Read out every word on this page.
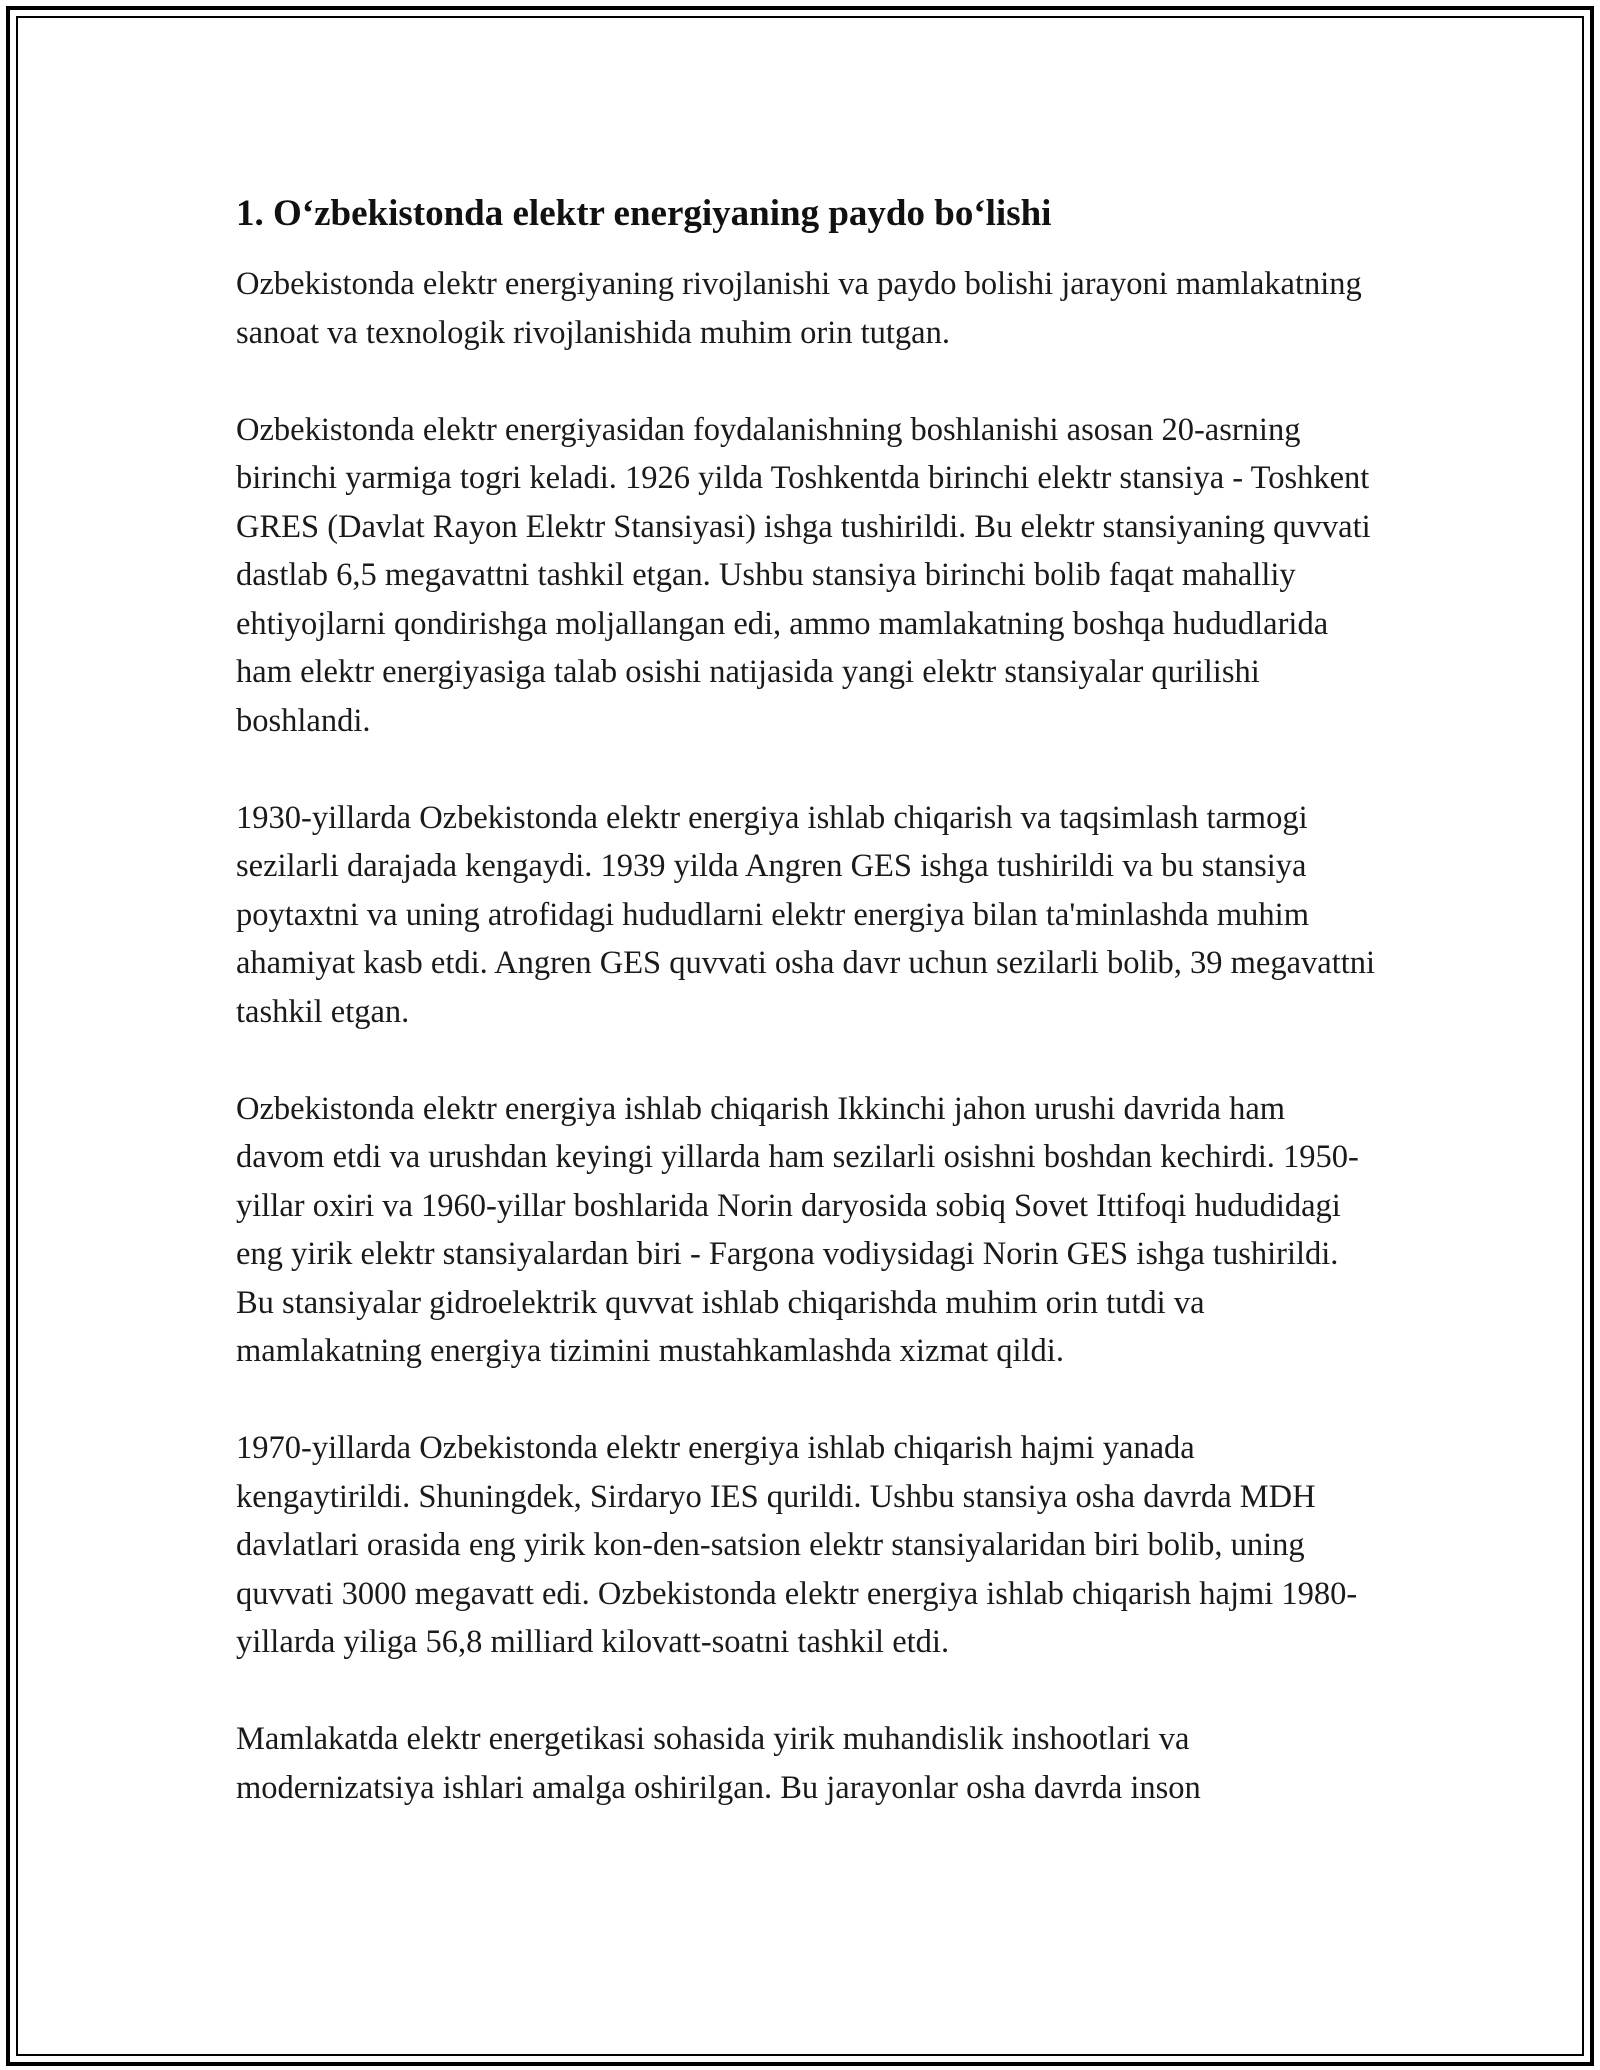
1. O‘zbekistonda elektr energiyaning paydo bo‘lishi

Ozbekistonda elektr energiyaning rivojlanishi va paydo bolishi jarayoni mamlakatning sanoat va texnologik rivojlanishida muhim orin tutgan.

Ozbekistonda elektr energiyasidan foydalanishning boshlanishi asosan 20-asrning birinchi yarmiga togri keladi. 1926 yilda Toshkentda birinchi elektr stansiya - Toshkent GRES (Davlat Rayon Elektr Stansiyasi) ishga tushirildi. Bu elektr stansiyaning quvvati dastlab 6,5 megavattni tashkil etgan. Ushbu stansiya birinchi bolib faqat mahalliy ehtiyojlarni qondirishga moljallangan edi, ammo mamlakatning boshqa hududlarida ham elektr energiyasiga talab osishi natijasida yangi elektr stansiyalar qurilishi boshlandi.

1930-yillarda Ozbekistonda elektr energiya ishlab chiqarish va taqsimlash tarmogi sezilarli darajada kengaydi. 1939 yilda Angren GES ishga tushirildi va bu stansiya poytaxtni va uning atrofidagi hududlarni elektr energiya bilan ta'minlashda muhim ahamiyat kasb etdi. Angren GES quvvati osha davr uchun sezilarli bolib, 39 megavattni tashkil etgan.

Ozbekistonda elektr energiya ishlab chiqarish Ikkinchi jahon urushi davrida ham davom etdi va urushdan keyingi yillarda ham sezilarli osishni boshdan kechirdi. 1950-yillar oxiri va 1960-yillar boshlarida Norin daryosida sobiq Sovet Ittifoqi hududidagi eng yirik elektr stansiyalardan biri - Fargona vodiysidagi Norin GES ishga tushirildi. Bu stansiyalar gidroelektrik quvvat ishlab chiqarishda muhim orin tutdi va mamlakatning energiya tizimini mustahkamlashda xizmat qildi.

1970-yillarda Ozbekistonda elektr energiya ishlab chiqarish hajmi yanada kengaytirildi. Shuningdek, Sirdaryo IES qurildi. Ushbu stansiya osha davrda MDH davlatlari orasida eng yirik kon-den-satsion elektr stansiyalaridan biri bolib, uning quvvati 3000 megavatt edi. Ozbekistonda elektr energiya ishlab chiqarish hajmi 1980-yillarda yiliga 56,8 milliard kilovatt-soatni tashkil etdi.

Mamlakatda elektr energetikasi sohasida yirik muhandislik inshootlari va modernizatsiya ishlari amalga oshirilgan. Bu jarayonlar osha davrda inson
